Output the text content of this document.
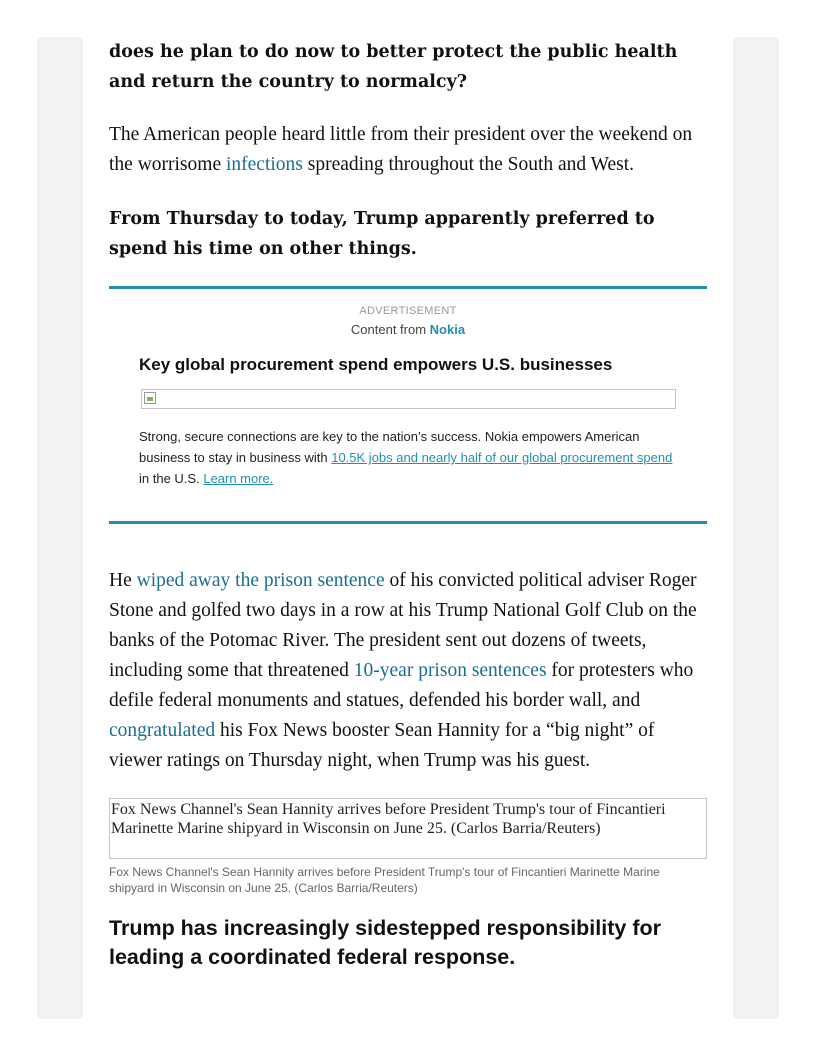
does he plan to do now to better protect the public health and return the country to normalcy?

The American people heard little from their president over the weekend on the worrisome infections spreading throughout the South and West.

From Thursday to today, Trump apparently preferred to spend his time on other things.

ADVERTISEMENT
Content from Nokia
Key global procurement spend empowers U.S. businesses
Strong, secure connections are key to the nation’s success. Nokia empowers American business to stay in business with 10.5K jobs and nearly half of our global procurement spend in the U.S. Learn more.

He wiped away the prison sentence of his convicted political adviser Roger Stone and golfed two days in a row at his Trump National Golf Club on the banks of the Potomac River. The president sent out dozens of tweets, including some that threatened 10-year prison sentences for protesters who defile federal monuments and statues, defended his border wall, and congratulated his Fox News booster Sean Hannity for a “big night” of viewer ratings on Thursday night, when Trump was his guest.

Fox News Channel's Sean Hannity arrives before President Trump's tour of Fincantieri Marinette Marine shipyard in Wisconsin on June 25. (Carlos Barria/Reuters)
Fox News Channel's Sean Hannity arrives before President Trump's tour of Fincantieri Marinette Marine shipyard in Wisconsin on June 25. (Carlos Barria/Reuters)
Trump has increasingly sidestepped responsibility for leading a coordinated federal response.
